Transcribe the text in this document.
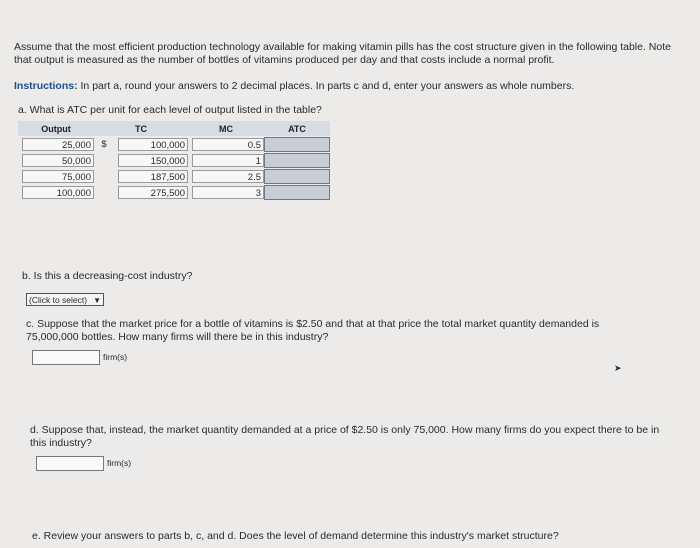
Assume that the most efficient production technology available for making vitamin pills has the cost structure given in the following table. Note that output is measured as the number of bottles of vitamins produced per day and that costs include a normal profit.

Instructions: In part a, round your answers to 2 decimal places. In parts c and d, enter your answers as whole numbers.

a. What is ATC per unit for each level of output listed in the table?

Output	TC		MC	ATC
25,000	$	100,000	0.5	

50,000		150,000	1	

75,000		187,500	2.5	

100,000		275,500	3	

b. Is this a decreasing-cost industry?

(Click to select) ▼

c. Suppose that the market price for a bottle of vitamins is $2.50 and that at that price the total market quantity demanded is 75,000,000 bottles. How many firms will there be in this industry?

firm(s)
➤

d. Suppose that, instead, the market quantity demanded at a price of $2.50 is only 75,000. How many firms do you expect there to be in this industry?

firm(s)

e. Review your answers to parts b, c, and d. Does the level of demand determine this industry's market structure?
